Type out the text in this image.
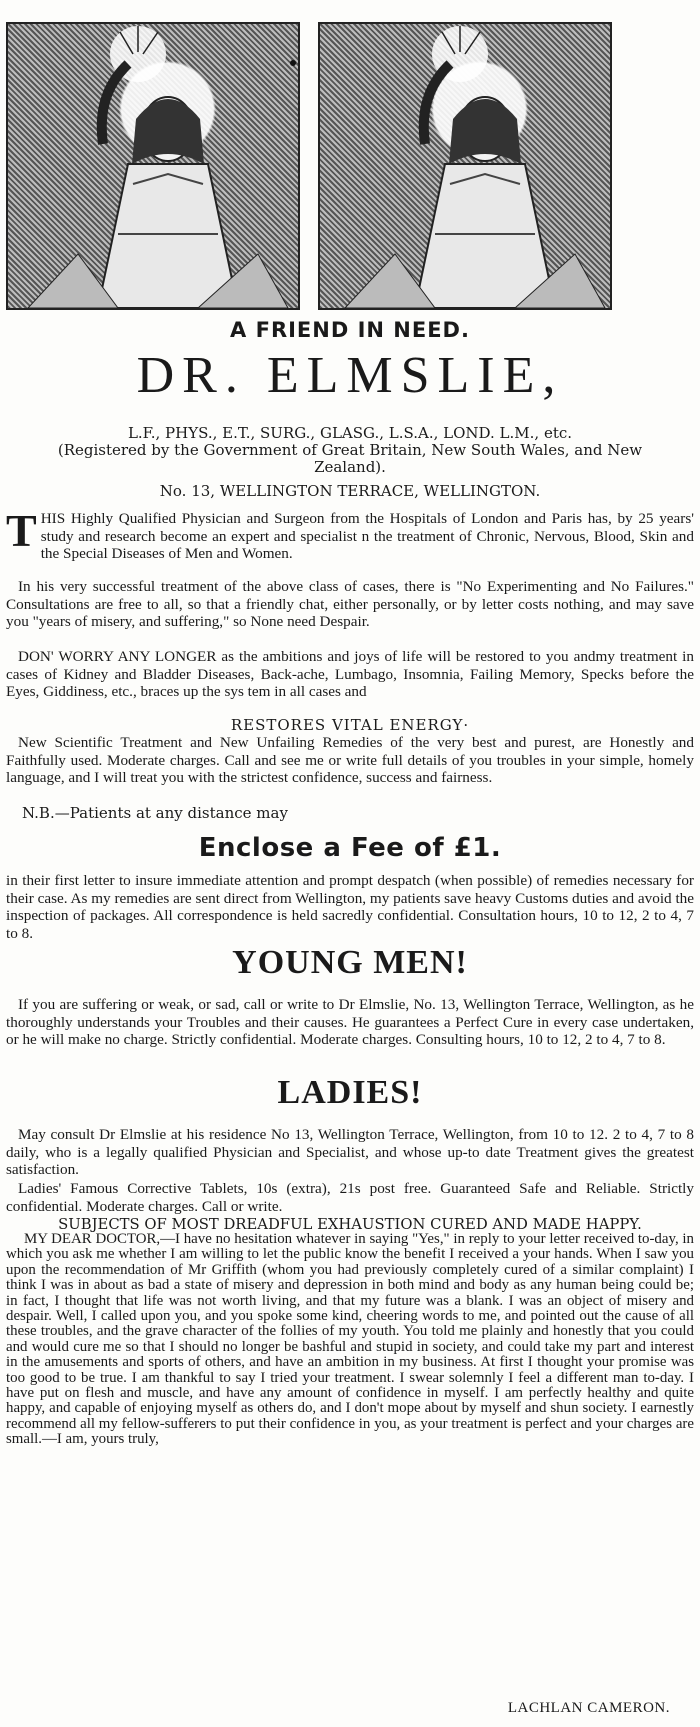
A FRIEND IN NEED.
DR. ELMSLIE,
L.F., PHYS., E.T., SURG., GLASG., L.S.A., LOND. L.M., etc.
(Registered by the Government of Great Britain, New South Wales, and New Zealand).
No. 13, WELLINGTON TERRACE, WELLINGTON.

THIS Highly Qualified Physician and Surgeon from the Hospitals of London and Paris has, by 25 years' study and research become an expert and specialist n the treatment of Chronic, Nervous, Blood, Skin and the Special Diseases of Men and Women.

In his very successful treatment of the above class of cases, there is "No Experimenting and No Failures." Consultations are free to all, so that a friendly chat, either personally, or by letter costs nothing, and may save you "years of misery, and suffering," so None need Despair.

DON' WORRY ANY LONGER as the ambitions and joys of life will be restored to you andmy treatment in cases of Kidney and Bladder Diseases, Back-ache, Lumbago, Insomnia, Failing Memory, Specks before the Eyes, Giddiness, etc., braces up the sys tem in all cases and

RESTORES VITAL ENERGY·

New Scientific Treatment and New Unfailing Remedies of the very best and purest, are Honestly and Faithfully used. Moderate charges. Call and see me or write full details of you troubles in your simple, homely language, and I will treat you with the strictest confidence, success and fairness.

N.B.—Patients at any distance may
Enclose a Fee of £1.

in their first letter to insure immediate attention and prompt despatch (when possible) of remedies necessary for their case. As my remedies are sent direct from Wellington, my patients save heavy Customs duties and avoid the inspection of packages. All correspondence is held sacredly confidential. Consultation hours, 10 to 12, 2 to 4, 7 to 8.

YOUNG MEN!

If you are suffering or weak, or sad, call or write to Dr Elmslie, No. 13, Wellington Terrace, Wellington, as he thoroughly understands your Troubles and their causes. He guarantees a Perfect Cure in every case undertaken, or he will make no charge. Strictly confidential. Moderate charges. Consulting hours, 10 to 12, 2 to 4, 7 to 8.

LADIES!

May consult Dr Elmslie at his residence No 13, Wellington Terrace, Wellington, from 10 to 12. 2 to 4, 7 to 8 daily, who is a legally qualified Physician and Specialist, and whose up-to date Treatment gives the greatest satisfaction.

Ladies' Famous Corrective Tablets, 10s (extra), 21s post free. Guaranteed Safe and Reliable. Strictly confidential. Moderate charges. Call or write.

SUBJECTS OF MOST DREADFUL EXHAUSTION CURED AND MADE HAPPY.

MY DEAR DOCTOR,—I have no hesitation whatever in saying "Yes," in reply to your letter received to-day, in which you ask me whether I am willing to let the public know the benefit I received a your hands. When I saw you upon the recommendation of Mr Griffith (whom you had previously completely cured of a similar complaint) I think I was in about as bad a state of misery and depression in both mind and body as any human being could be; in fact, I thought that life was not worth living, and that my future was a blank. I was an object of misery and despair. Well, I called upon you, and you spoke some kind, cheering words to me, and pointed out the cause of all these troubles, and the grave character of the follies of my youth. You told me plainly and honestly that you could and would cure me so that I should no longer be bashful and stupid in society, and could take my part and interest in the amusements and sports of others, and have an ambition in my business. At first I thought your promise was too good to be true. I am thankful to say I tried your treatment. I swear solemnly I feel a different man to-day. I have put on flesh and muscle, and have any amount of confidence in myself. I am perfectly healthy and quite happy, and capable of enjoying myself as others do, and I don't mope about by myself and shun society. I earnestly recommend all my fellow-sufferers to put their confidence in you, as your treatment is perfect and your charges are small.—I am, yours truly,

LACHLAN CAMERON.
